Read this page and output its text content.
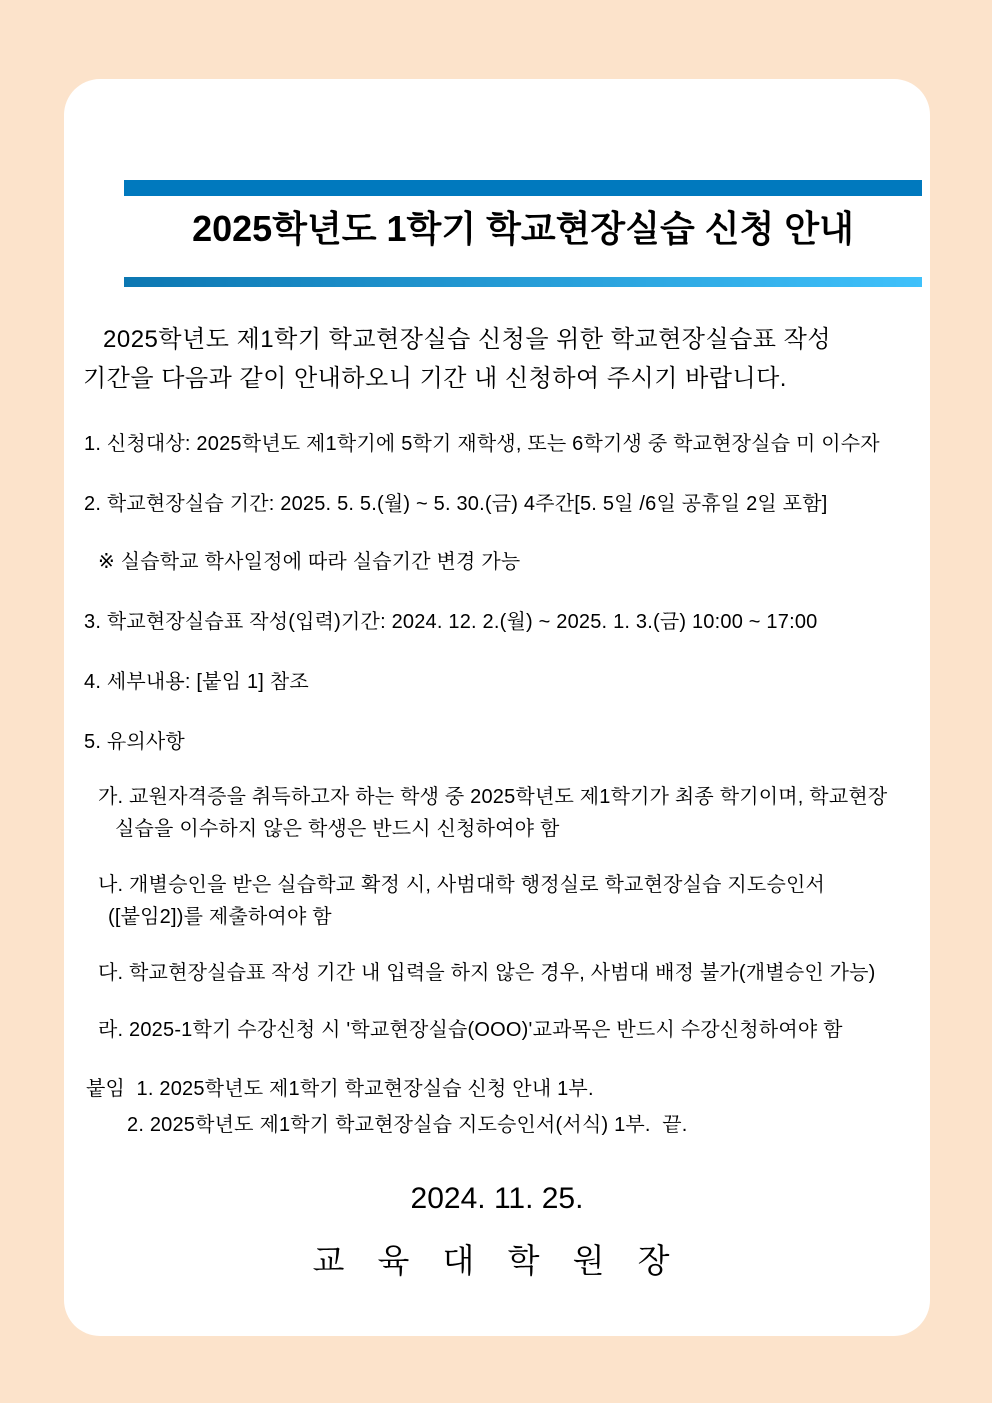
2025학년도 1학기 학교현장실습 신청 안내
2025학년도 제1학기 학교현장실습 신청을 위한 학교현장실습표 작성
기간을 다음과 같이 안내하오니 기간 내 신청하여 주시기 바랍니다.
1. 신청대상: 2025학년도 제1학기에 5학기 재학생, 또는 6학기생 중 학교현장실습 미 이수자
2. 학교현장실습 기간: 2025. 5. 5.(월) ~ 5. 30.(금) 4주간[5. 5일 /6일 공휴일 2일 포함]
※ 실습학교 학사일정에 따라 실습기간 변경 가능
3. 학교현장실습표 작성(입력)기간: 2024. 12. 2.(월) ~ 2025. 1. 3.(금) 10:00 ~ 17:00
4. 세부내용: [붙임 1] 참조
5. 유의사항
가. 교원자격증을 취득하고자 하는 학생 중 2025학년도 제1학기가 최종 학기이며, 학교현장
실습을 이수하지 않은 학생은 반드시 신청하여야 함
나. 개별승인을 받은 실습학교 확정 시, 사범대학 행정실로 학교현장실습 지도승인서
([붙임2])를 제출하여야 함
다. 학교현장실습표 작성 기간 내 입력을 하지 않은 경우, 사범대 배정 불가(개별승인 가능)
라. 2025-1학기 수강신청 시 '학교현장실습(OOO)'교과목은 반드시 수강신청하여야 함
붙임  1. 2025학년도 제1학기 학교현장실습 신청 안내 1부.
2. 2025학년도 제1학기 학교현장실습 지도승인서(서식) 1부.  끝.
2024. 11. 25.
교 육 대 학 원 장
